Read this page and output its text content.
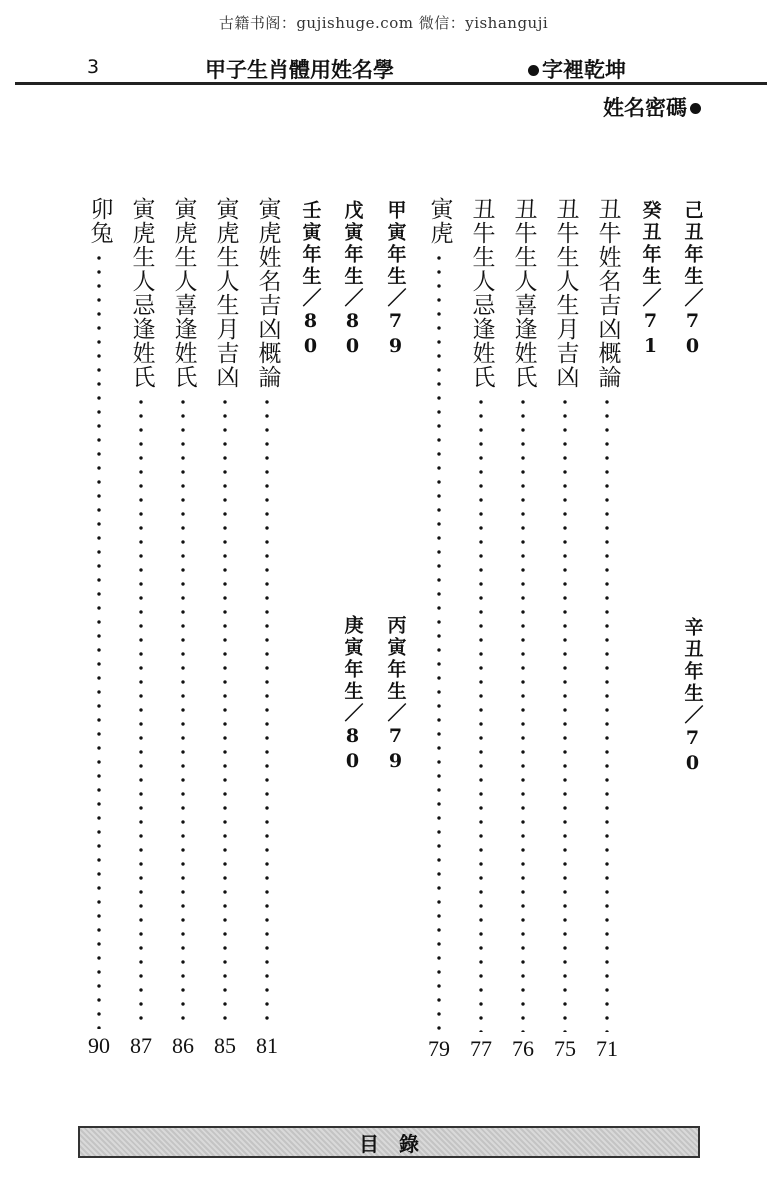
古籍书阁：gujishuge.com 微信：yishanguji
3	甲子生肖體用姓名學	字裡乾坤
姓名密碼
己丑年生／70
辛丑年生／70
癸丑年生／71
丑牛姓名吉凶概論
71
丑牛生人生月吉凶
75
丑牛生人喜逢姓氏
76
丑牛生人忌逢姓氏
77
寅虎
79
甲寅年生／79
丙寅年生／79
戊寅年生／80
庚寅年生／80
壬寅年生／80
寅虎姓名吉凶概論
81
寅虎生人生月吉凶
85
寅虎生人喜逢姓氏
86
寅虎生人忌逢姓氏
87
卯兔
90
目錄
